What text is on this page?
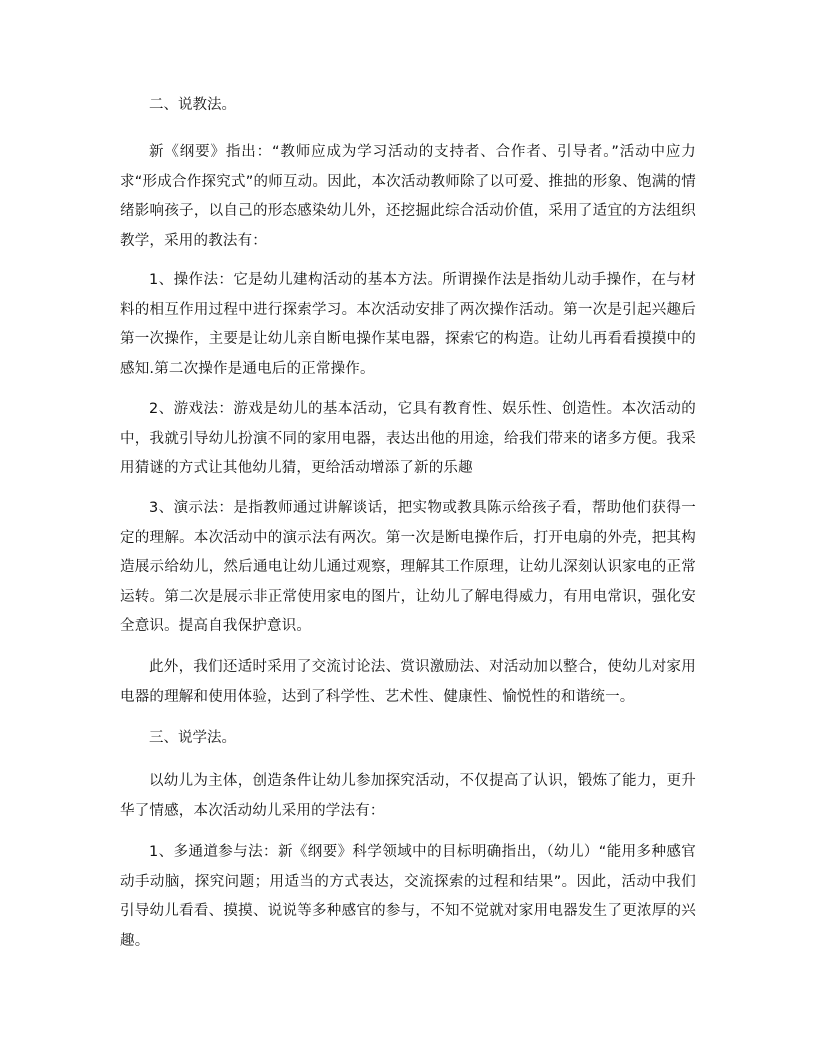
二、说教法。

新《纲要》指出：“教师应成为学习活动的支持者、合作者、引导者。”活动中应力求“形成合作探究式”的师互动。因此，本次活动教师除了以可爱、推拙的形象、饱满的情绪影响孩子，以自己的形态感染幼儿外，还挖掘此综合活动价值，采用了适宜的方法组织教学，采用的教法有：

1、操作法：它是幼儿建构活动的基本方法。所谓操作法是指幼儿动手操作，在与材料的相互作用过程中进行探索学习。本次活动安排了两次操作活动。第一次是引起兴趣后第一次操作，主要是让幼儿亲自断电操作某电器，探索它的构造。让幼儿再看看摸摸中的感知.第二次操作是通电后的正常操作。

2、游戏法：游戏是幼儿的基本活动，它具有教育性、娱乐性、创造性。本次活动的中，我就引导幼儿扮演不同的家用电器，表达出他的用途，给我们带来的诸多方便。我采用猜谜的方式让其他幼儿猜，更给活动增添了新的乐趣

3、演示法：是指教师通过讲解谈话，把实物或教具陈示给孩子看，帮助他们获得一定的理解。本次活动中的演示法有两次。第一次是断电操作后，打开电扇的外壳，把其构造展示给幼儿，然后通电让幼儿通过观察，理解其工作原理，让幼儿深刻认识家电的正常运转。第二次是展示非正常使用家电的图片，让幼儿了解电得威力，有用电常识，强化安全意识。提高自我保护意识。

此外，我们还适时采用了交流讨论法、赏识激励法、对活动加以整合，使幼儿对家用电器的理解和使用体验，达到了科学性、艺术性、健康性、愉悦性的和谐统一。

三、说学法。

以幼儿为主体，创造条件让幼儿参加探究活动，不仅提高了认识，锻炼了能力，更升华了情感，本次活动幼儿采用的学法有：

1、多通道参与法：新《纲要》科学领域中的目标明确指出，（幼儿）“能用多种感官动手动脑，探究问题；用适当的方式表达，交流探索的过程和结果”。因此，活动中我们引导幼儿看看、摸摸、说说等多种感官的参与，不知不觉就对家用电器发生了更浓厚的兴趣。
